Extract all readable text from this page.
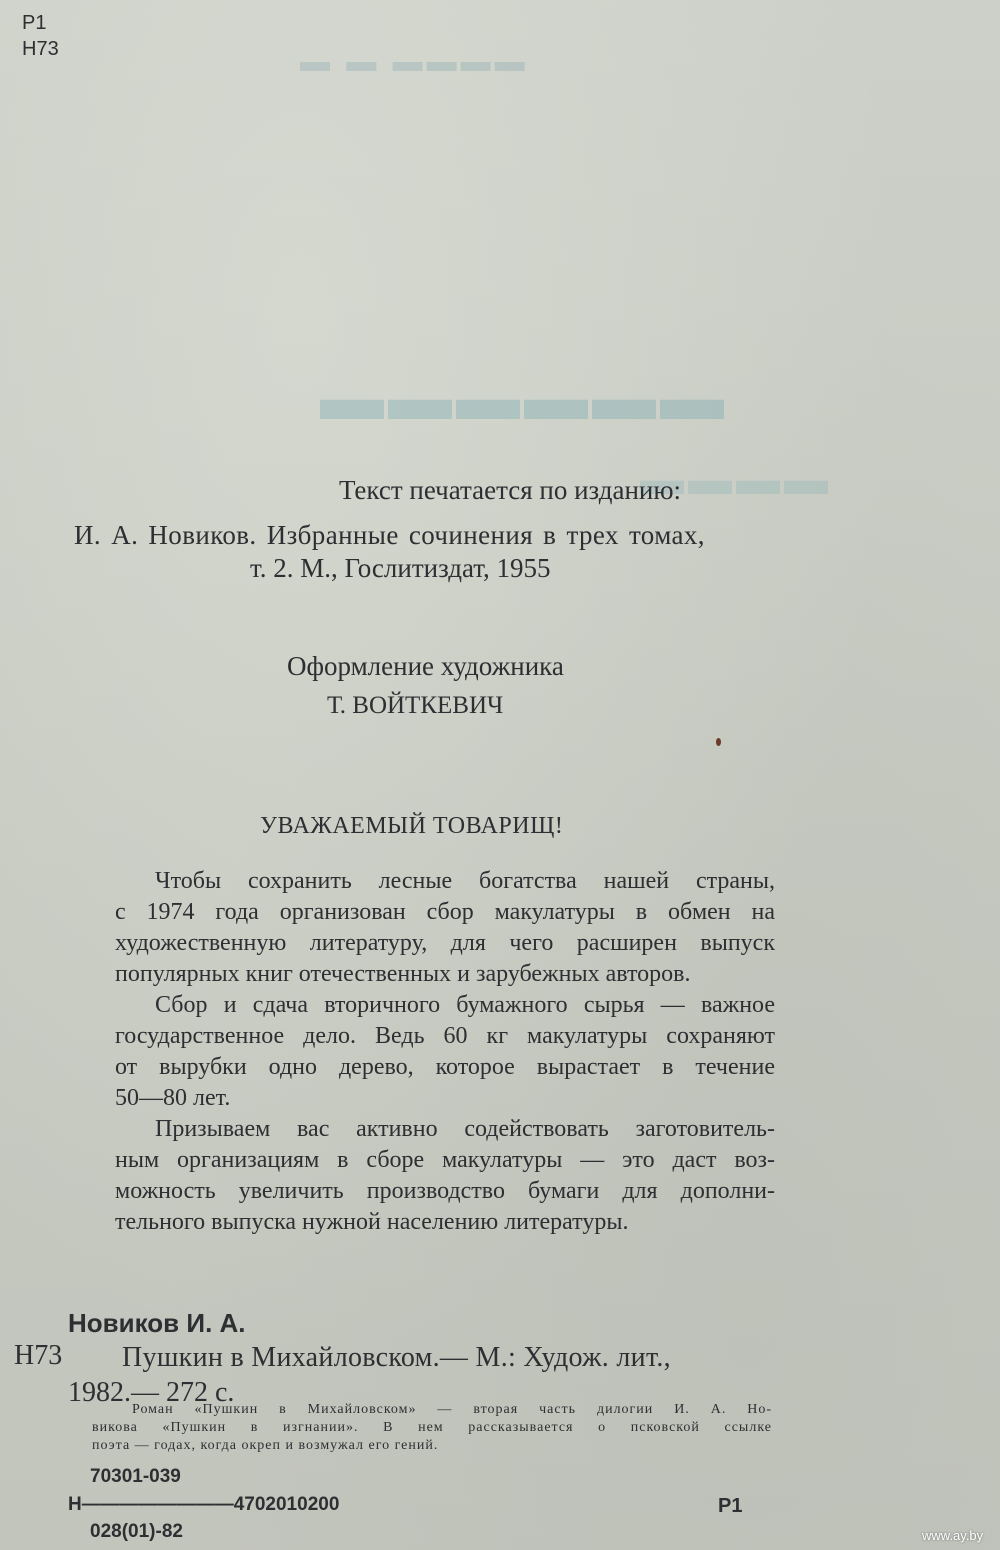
▬ ▬ ▬▬▬▬
▬▬▬▬▬▬
▬▬▬▬
Р1
Н73
Текст печатается по изданию:
И. А. Новиков. Избранные сочинения в трех томах,
т. 2. М., Гослитиздат, 1955
Оформление художника
Т. ВОЙТКЕВИЧ
УВАЖАЕМЫЙ ТОВАРИЩ!

Чтобы сохранить лесные богатства нашей страны,

с 1974 года организован сбор макулатуры в обмен на

художественную литературу, для чего расширен выпуск

популярных книг отечественных и зарубежных авторов.

Сбор и сдача вторичного бумажного сырья — важное

государственное дело. Ведь 60 кг макулатуры сохраняют

от вырубки одно дерево, которое вырастает в течение

50—80 лет.

Призываем вас активно содействовать заготовитель-

ным организациям в сборе макулатуры — это даст воз-

можность увеличить производство бумаги для дополни-

тельного выпуска нужной населению литературы.

Новиков И. А.
Н73 Пушкин в Михайловском.— М.: Худож. лит.,
1982.— 272 с.

Роман «Пушкин в Михайловском» — вторая часть дилогии И. А. Но-

викова «Пушкин в изгнании». В нем рассказывается о псковской ссылке

поэта — годах, когда окреп и возмужал его гений.

70301-039
Н————————4702010200
028(01)-82
Р1
www.ay.by
